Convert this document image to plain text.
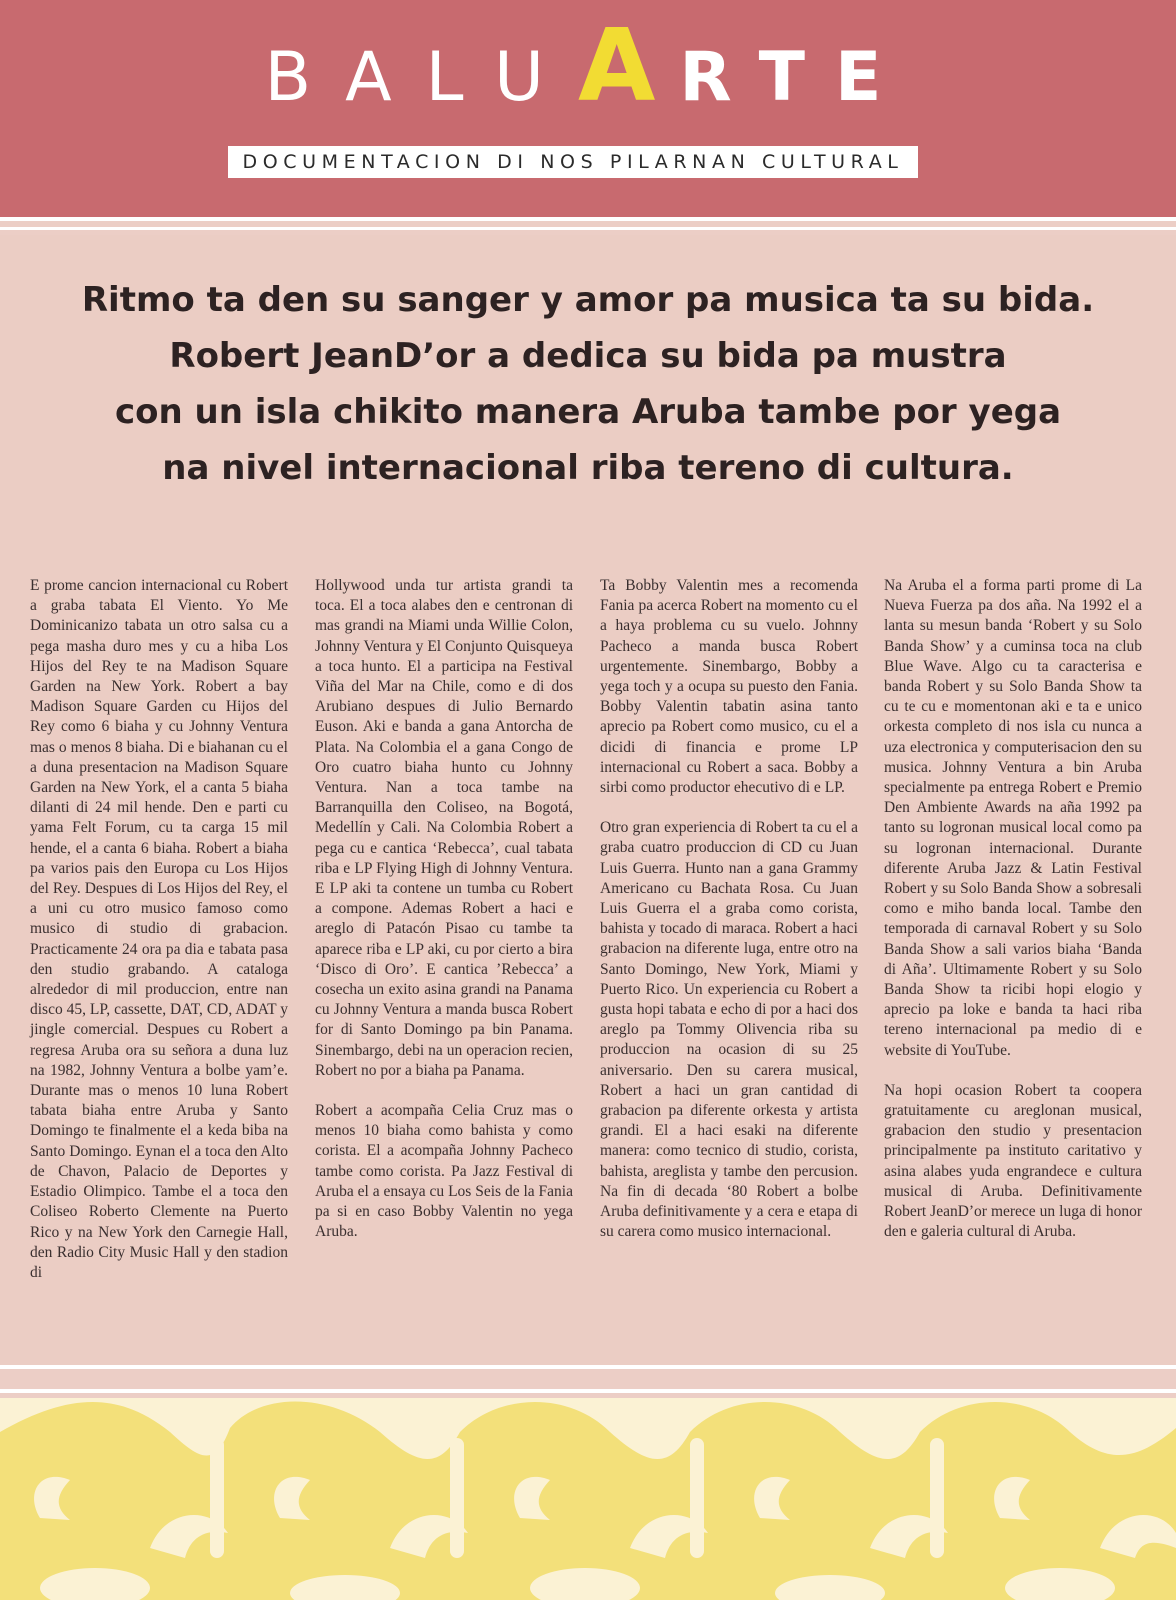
BALUARTE
DOCUMENTACION DI NOS PILARNAN CULTURAL
Ritmo ta den su sanger y amor pa musica ta su bida.
Robert JeanD’or a dedica su bida pa mustra
con un isla chikito manera Aruba tambe por yega
na nivel internacional riba tereno di cultura.

E prome cancion internacional cu Robert a graba tabata El Viento. Yo Me Dominicanizo tabata un otro salsa cu a pega masha duro mes y cu a hiba Los Hijos del Rey te na Madison Square Garden na New York. Robert a bay Madison Square Garden cu Hijos del Rey como 6 biaha y cu Johnny Ventura mas o menos 8 biaha. Di e biahanan cu el a duna presentacion na Madison Square Garden na New York, el a canta 5 biaha dilanti di 24 mil hende. Den e parti cu yama Felt Forum, cu ta carga 15 mil hende, el a canta 6 biaha. Robert a biaha pa varios pais den Europa cu Los Hijos del Rey. Despues di Los Hijos del Rey, el a uni cu otro musico famoso como musico di studio di grabacion. Practicamente 24 ora pa dia e tabata pasa den studio grabando. A cataloga alrededor di mil produccion, entre nan disco 45, LP, cassette, DAT, CD, ADAT y jingle comercial. Despues cu Robert a regresa Aruba ora su señora a duna luz na 1982, Johnny Ventura a bolbe yam’e. Durante mas o menos 10 luna Robert tabata biaha entre Aruba y Santo Domingo te finalmente el a keda biba na Santo Domingo. Eynan el a toca den Alto de Chavon, Palacio de Deportes y Estadio Olimpico. Tambe el a toca den Coliseo Roberto Clemente na Puerto Rico y na New York den Carnegie Hall, den Radio City Music Hall y den stadion di

Hollywood unda tur artista grandi ta toca. El a toca alabes den e centronan di mas grandi na Miami unda Willie Colon, Johnny Ventura y El Conjunto Quisqueya a toca hunto. El a participa na Festival Viña del Mar na Chile, como e di dos Arubiano despues di Julio Bernardo Euson. Aki e banda a gana Antorcha de Plata. Na Colombia el a gana Congo de Oro cuatro biaha hunto cu Johnny Ventura. Nan a toca tambe na Barranquilla den Coliseo, na Bogotá, Medellín y Cali. Na Colombia Robert a pega cu e cantica ‘Rebecca’, cual tabata riba e LP Flying High di Johnny Ventura. E LP aki ta contene un tumba cu Robert a compone. Ademas Robert a haci e areglo di Patacón Pisao cu tambe ta aparece riba e LP aki, cu por cierto a bira ‘Disco di Oro’. E cantica ’Rebecca’ a cosecha un exito asina grandi na Panama cu Johnny Ventura a manda busca Robert for di Santo Domingo pa bin Panama. Sinembargo, debi na un operacion recien, Robert no por a biaha pa Panama.

Robert a acompaña Celia Cruz mas o menos 10 biaha como bahista y como corista. El a acompaña Johnny Pacheco tambe como corista. Pa Jazz Festival di Aruba el a ensaya cu Los Seis de la Fania pa si en caso Bobby Valentin no yega Aruba.

Ta Bobby Valentin mes a recomenda Fania pa acerca Robert na momento cu el a haya problema cu su vuelo. Johnny Pacheco a manda busca Robert urgentemente. Sinembargo, Bobby a yega toch y a ocupa su puesto den Fania. Bobby Valentin tabatin asina tanto aprecio pa Robert como musico, cu el a dicidi di financia e prome LP internacional cu Robert a saca. Bobby a sirbi como productor ehecutivo di e LP.

Otro gran experiencia di Robert ta cu el a graba cuatro produccion di CD cu Juan Luis Guerra. Hunto nan a gana Grammy Americano cu Bachata Rosa. Cu Juan Luis Guerra el a graba como corista, bahista y tocado di maraca. Robert a haci grabacion na diferente luga, entre otro na Santo Domingo, New York, Miami y Puerto Rico. Un experiencia cu Robert a gusta hopi tabata e echo di por a haci dos areglo pa Tommy Olivencia riba su produccion na ocasion di su 25 aniversario. Den su carera musical, Robert a haci un gran cantidad di grabacion pa diferente orkesta y artista grandi. El a haci esaki na diferente manera: como tecnico di studio, corista, bahista, areglista y tambe den percusion. Na fin di decada ‘80 Robert a bolbe Aruba definitivamente y a cera e etapa di su carera como musico internacional.

Na Aruba el a forma parti prome di La Nueva Fuerza pa dos aña. Na 1992 el a lanta su mesun banda ‘Robert y su Solo Banda Show’ y a cuminsa toca na club Blue Wave. Algo cu ta caracterisa e banda Robert y su Solo Banda Show ta cu te cu e momentonan aki e ta e unico orkesta completo di nos isla cu nunca a uza electronica y computerisacion den su musica. Johnny Ventura a bin Aruba specialmente pa entrega Robert e Premio Den Ambiente Awards na aña 1992 pa tanto su logronan musical local como pa su logronan internacional. Durante diferente Aruba Jazz & Latin Festival Robert y su Solo Banda Show a sobresali como e miho banda local. Tambe den temporada di carnaval Robert y su Solo Banda Show a sali varios biaha ‘Banda di Aña’. Ultimamente Robert y su Solo Banda Show ta ricibi hopi elogio y aprecio pa loke e banda ta haci riba tereno internacional pa medio di e website di YouTube.

Na hopi ocasion Robert ta coopera gratuitamente cu areglonan musical, grabacion den studio y presentacion principalmente pa instituto caritativo y asina alabes yuda engrandece e cultura musical di Aruba. Definitivamente Robert JeanD’or merece un luga di honor den e galeria cultural di Aruba.
